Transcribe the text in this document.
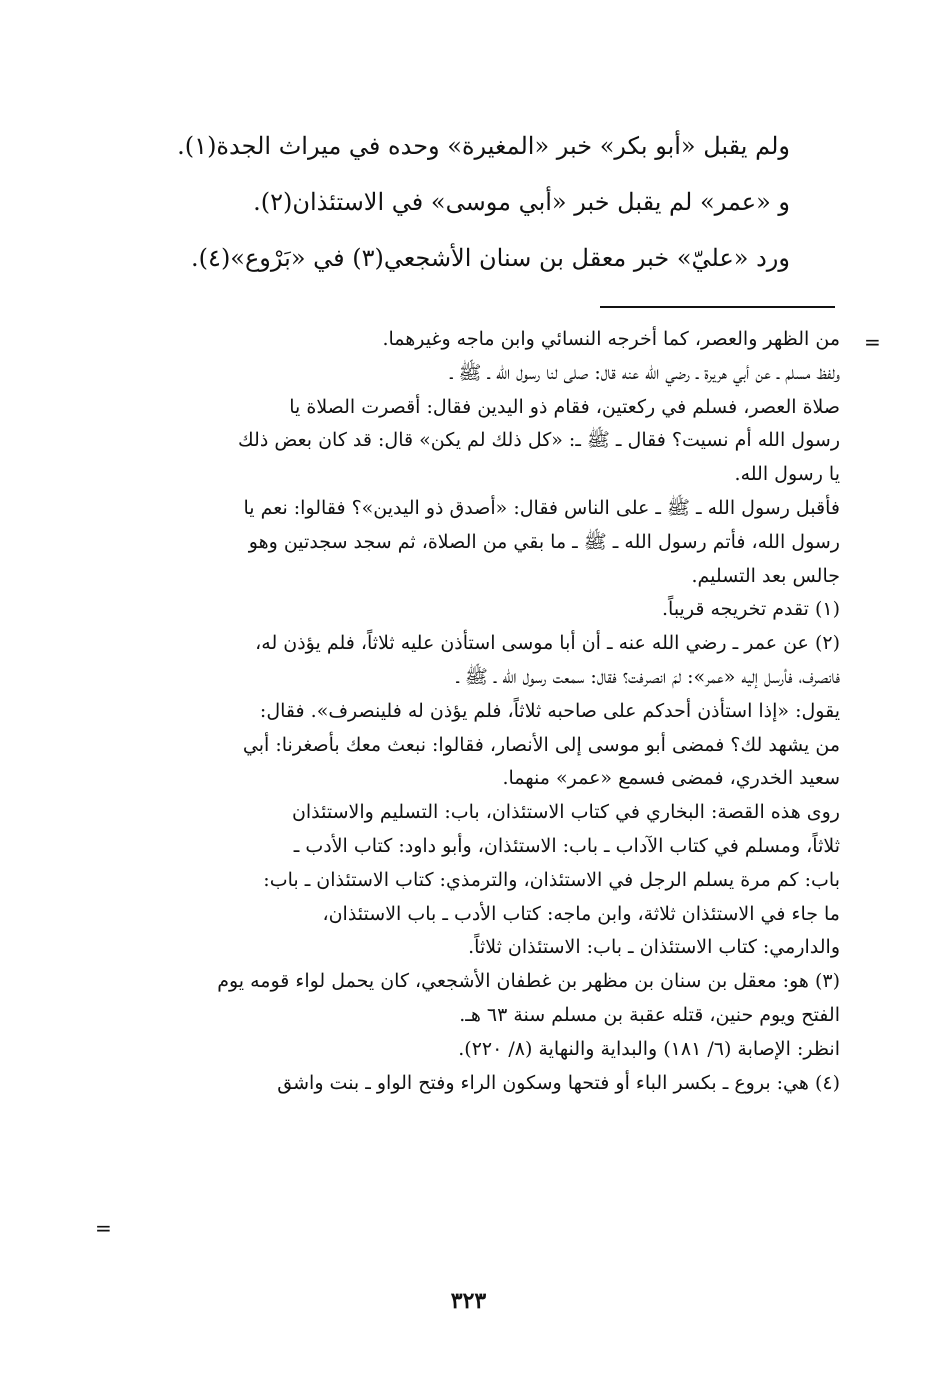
ولم يقبل «أبو بكر» خبر «المغيرة» وحده في ميراث الجدة(١).
و «عمر» لم يقبل خبر «أبي موسى» في الاستئذان(٢).
ورد «عليّ» خبر معقل بن سنان الأشجعي(٣) في «بَرْوع»(٤).
=
من الظهر والعصر، كما أخرجه النسائي وابن ماجه وغيرهما.
ولفظ مسلم ـ عن أبي هريرة ـ رضي الله عنه قال: صلى لنا رسول الله ـ ﷺ ـ
صلاة العصر، فسلم في ركعتين، فقام ذو اليدين فقال: أقصرت الصلاة يا
رسول الله أم نسيت؟ فقال ـ ﷺ ـ: «كل ذلك لم يكن» قال: قد كان بعض ذلك
يا رسول الله.
فأقبل رسول الله ـ ﷺ ـ على الناس فقال: «أصدق ذو اليدين»؟ فقالوا: نعم يا
رسول الله، فأتم رسول الله ـ ﷺ ـ ما بقي من الصلاة، ثم سجد سجدتين وهو
جالس بعد التسليم.
(١) تقدم تخريجه قريباً.
(٢) عن عمر ـ رضي الله عنه ـ أن أبا موسى استأذن عليه ثلاثاً، فلم يؤذن له،
فانصرف، فأرسل إليه «عمر»: لمَ انصرفت؟ فقال: سمعت رسول الله ـ ﷺ ـ
يقول: «إذا استأذن أحدكم على صاحبه ثلاثاً، فلم يؤذن له فلينصرف». فقال:
من يشهد لك؟ فمضى أبو موسى إلى الأنصار، فقالوا: نبعث معك بأصغرنا: أبي
سعيد الخدري، فمضى فسمع «عمر» منهما.
روى هذه القصة: البخاري في كتاب الاستئذان، باب: التسليم والاستئذان
ثلاثاً، ومسلم في كتاب الآداب ـ باب: الاستئذان، وأبو داود: كتاب الأدب ـ
باب: كم مرة يسلم الرجل في الاستئذان، والترمذي: كتاب الاستئذان ـ باب:
ما جاء في الاستئذان ثلاثة، وابن ماجه: كتاب الأدب ـ باب الاستئذان،
والدارمي: كتاب الاستئذان ـ باب: الاستئذان ثلاثاً.
(٣) هو: معقل بن سنان بن مظهر بن غطفان الأشجعي، كان يحمل لواء قومه يوم
الفتح ويوم حنين، قتله عقبة بن مسلم سنة ٦٣ هـ.
انظر: الإصابة (٦/ ١٨١) والبداية والنهاية (٨/ ٢٢٠).
(٤) هي: بروع ـ بكسر الباء أو فتحها وسكون الراء وفتح الواو ـ بنت واشق
=
٣٢٣
